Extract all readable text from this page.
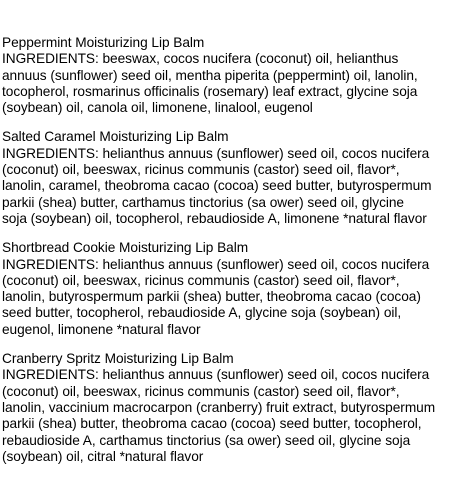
Peppermint Moisturizing Lip Balm
INGREDIENTS: beeswax, cocos nucifera (coconut) oil, helianthus
annuus (sunflower) seed oil, mentha piperita (peppermint) oil, lanolin,
tocopherol, rosmarinus officinalis (rosemary) leaf extract, glycine soja
(soybean) oil, canola oil, limonene, linalool, eugenol
Salted Caramel Moisturizing Lip Balm
INGREDIENTS: helianthus annuus (sunflower) seed oil, cocos nucifera
(coconut) oil, beeswax, ricinus communis (castor) seed oil, flavor*,
lanolin, caramel, theobroma cacao (cocoa) seed butter, butyrospermum
parkii (shea) butter, carthamus tinctorius (sa ower) seed oil, glycine
soja (soybean) oil, tocopherol, rebaudioside A, limonene *natural flavor
Shortbread Cookie Moisturizing Lip Balm
INGREDIENTS: helianthus annuus (sunflower) seed oil, cocos nucifera
(coconut) oil, beeswax, ricinus communis (castor) seed oil, flavor*,
lanolin, butyrospermum parkii (shea) butter, theobroma cacao (cocoa)
seed butter, tocopherol, rebaudioside A, glycine soja (soybean) oil,
eugenol, limonene *natural flavor
Cranberry Spritz Moisturizing Lip Balm
INGREDIENTS: helianthus annuus (sunflower) seed oil, cocos nucifera
(coconut) oil, beeswax, ricinus communis (castor) seed oil, flavor*,
lanolin, vaccinium macrocarpon (cranberry) fruit extract, butyrospermum
parkii (shea) butter, theobroma cacao (cocoa) seed butter, tocopherol,
rebaudioside A, carthamus tinctorius (sa ower) seed oil, glycine soja
(soybean) oil, citral *natural flavor
